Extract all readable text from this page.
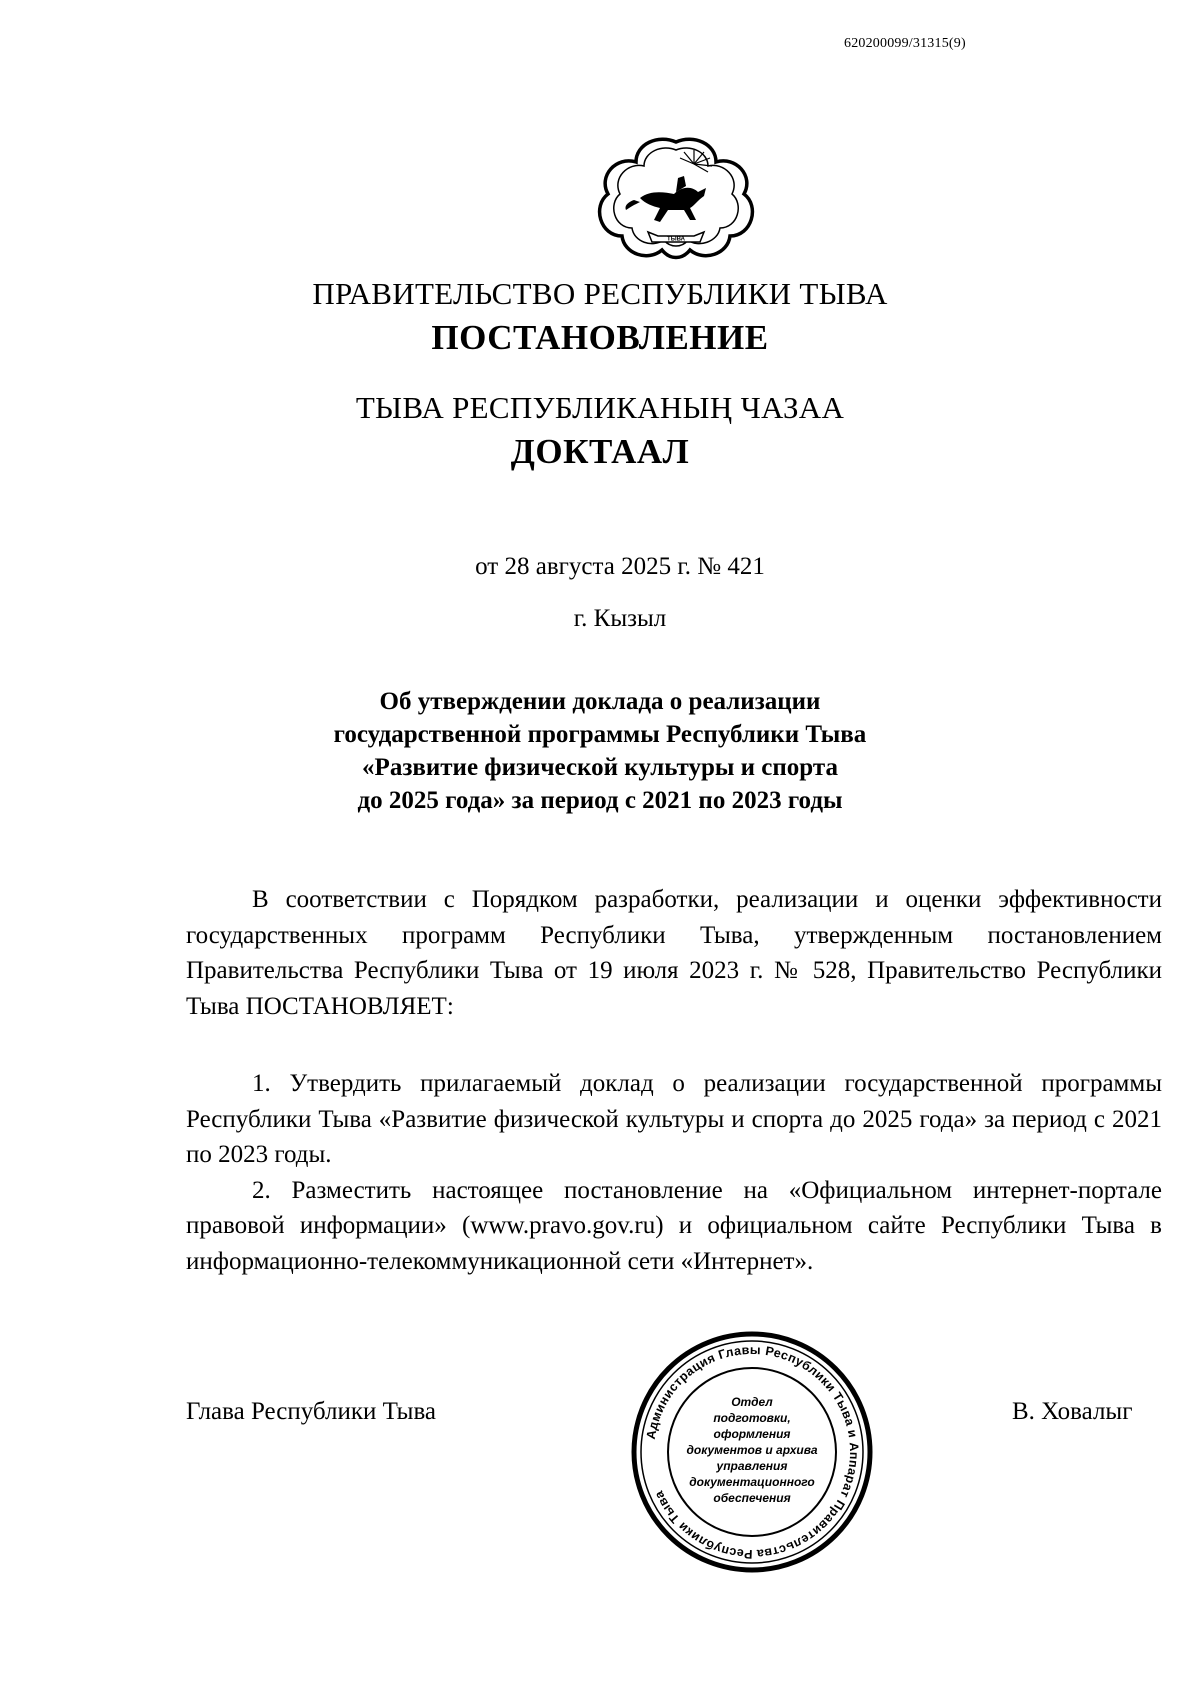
620200099/31315(9)
ТЫВА
ПРАВИТЕЛЬСТВО РЕСПУБЛИКИ ТЫВА
ПОСТАНОВЛЕНИЕ
ТЫВА РЕСПУБЛИКАНЫҢ ЧАЗАА
ДОКТААЛ
от 28 августа 2025 г. № 421
г. Кызыл
Об утверждении доклада о реализации
государственной программы Республики Тыва
«Развитие физической культуры и спорта
до 2025 года» за период с 2021 по 2023 годы

В соответствии с Порядком разработки, реализации и оценки эффективности государственных программ Республики Тыва, утвержденным постановлением Правительства Республики Тыва от 19 июля 2023 г. № 528, Правительство Республики Тыва ПОСТАНОВЛЯЕТ:

1. Утвердить прилагаемый доклад о реализации государственной программы Республики Тыва «Развитие физической культуры и спорта до 2025 года» за период с 2021 по 2023 годы.

2. Разместить настоящее постановление на «Официальном интернет-портале правовой информации» (www.pravo.gov.ru) и официальном сайте Республики Тыва в информационно-телекоммуникационной сети «Интернет».

Глава Республики Тыва	В. Ховалыг
Администрация Главы Республики Тыва и Аппарат Правительства Республики Тыва
Отдел
подготовки,
оформления
документов и архива
управления
документационного
обеспечения
